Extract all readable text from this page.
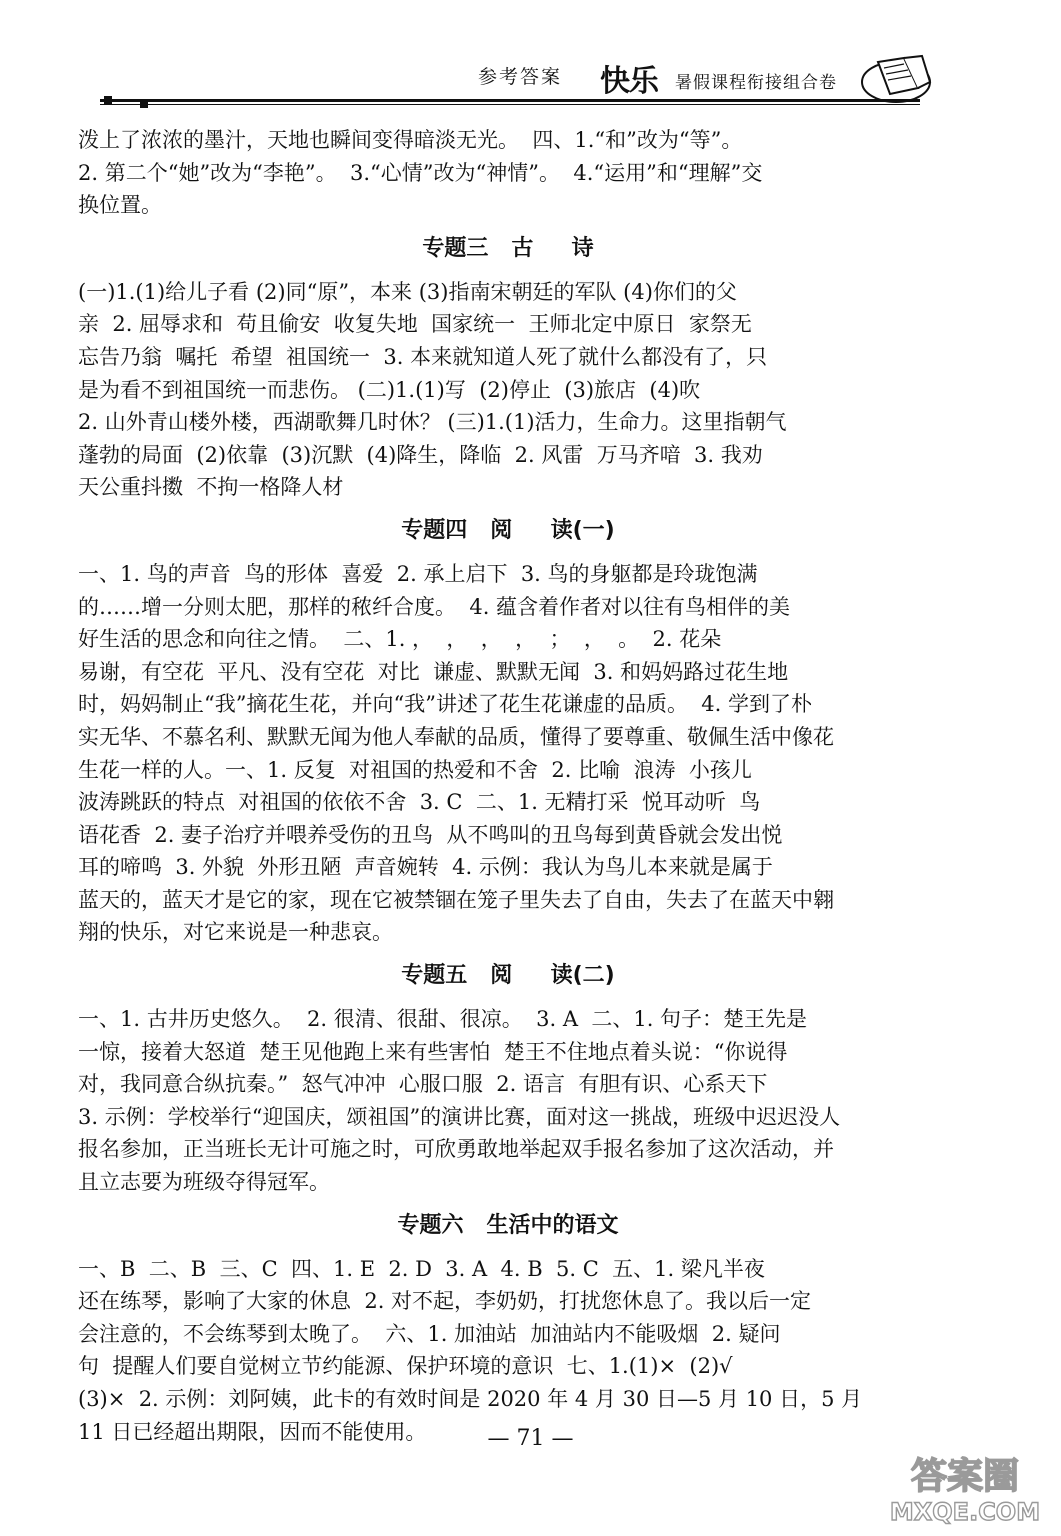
参考答案 快乐 暑假课程衔接组合卷
泼上了浓浓的墨汁，天地也瞬间变得暗淡无光。  四、1.“和”改为“等”。
2. 第二个“她”改为“李艳”。  3.“心情”改为“神情”。  4.“运用”和“理解”交
换位置。
专题三   古     诗
(一)1.(1)给儿子看 (2)同“原”，本来 (3)指南宋朝廷的军队 (4)你们的父
亲  2. 屈辱求和  苟且偷安  收复失地  国家统一  王师北定中原日  家祭无
忘告乃翁  嘱托  希望  祖国统一  3. 本来就知道人死了就什么都没有了，只
是为看不到祖国统一而悲伤。 (二)1.(1)写  (2)停止  (3)旅店  (4)吹
2. 山外青山楼外楼，西湖歌舞几时休？ (三)1.(1)活力，生命力。这里指朝气
蓬勃的局面  (2)依靠  (3)沉默  (4)降生，降临  2. 风雷  万马齐喑  3. 我劝
天公重抖擞  不拘一格降人材
专题四   阅     读(一)
一、1. 鸟的声音  鸟的形体  喜爱  2. 承上启下  3. 鸟的身躯都是玲珑饱满
的……增一分则太肥，那样的秾纤合度。  4. 蕴含着作者对以往有鸟相伴的美
好生活的思念和向往之情。  二、1. ，  ，  ，  ，  ；  ，  。  2. 花朵
易谢，有空花  平凡、没有空花  对比  谦虚、默默无闻  3. 和妈妈路过花生地
时，妈妈制止“我”摘花生花，并向“我”讲述了花生花谦虚的品质。  4. 学到了朴
实无华、不慕名利、默默无闻为他人奉献的品质，懂得了要尊重、敬佩生活中像花
生花一样的人。一、1. 反复  对祖国的热爱和不舍  2. 比喻  浪涛  小孩儿
波涛跳跃的特点  对祖国的依依不舍  3. C  二、1. 无精打采  悦耳动听  鸟
语花香  2. 妻子治疗并喂养受伤的丑鸟  从不鸣叫的丑鸟每到黄昏就会发出悦
耳的啼鸣  3. 外貌  外形丑陋  声音婉转  4. 示例：我认为鸟儿本来就是属于
蓝天的，蓝天才是它的家，现在它被禁锢在笼子里失去了自由，失去了在蓝天中翱
翔的快乐，对它来说是一种悲哀。
专题五   阅     读(二)
一、1. 古井历史悠久。  2. 很清、很甜、很凉。  3. A  二、1. 句子：楚王先是
一惊，接着大怒道  楚王见他跑上来有些害怕  楚王不住地点着头说：“你说得
对，我同意合纵抗秦。”  怒气冲冲  心服口服  2. 语言  有胆有识、心系天下
3. 示例：学校举行“迎国庆，颂祖国”的演讲比赛，面对这一挑战，班级中迟迟没人
报名参加，正当班长无计可施之时，可欣勇敢地举起双手报名参加了这次活动，并
且立志要为班级夺得冠军。
专题六   生活中的语文
一、B  二、B  三、C  四、1. E  2. D  3. A  4. B  5. C  五、1. 梁凡半夜
还在练琴，影响了大家的休息  2. 对不起，李奶奶，打扰您休息了。我以后一定
会注意的，不会练琴到太晚了。  六、1. 加油站  加油站内不能吸烟  2. 疑问
句  提醒人们要自觉树立节约能源、保护环境的意识  七、1.(1)×  (2)√
(3)×  2. 示例：刘阿姨，此卡的有效时间是 2020 年 4 月 30 日—5 月 10 日，5 月
11 日已经超出期限，因而不能使用。	— 71 —
答案圈
MXQE.COM
